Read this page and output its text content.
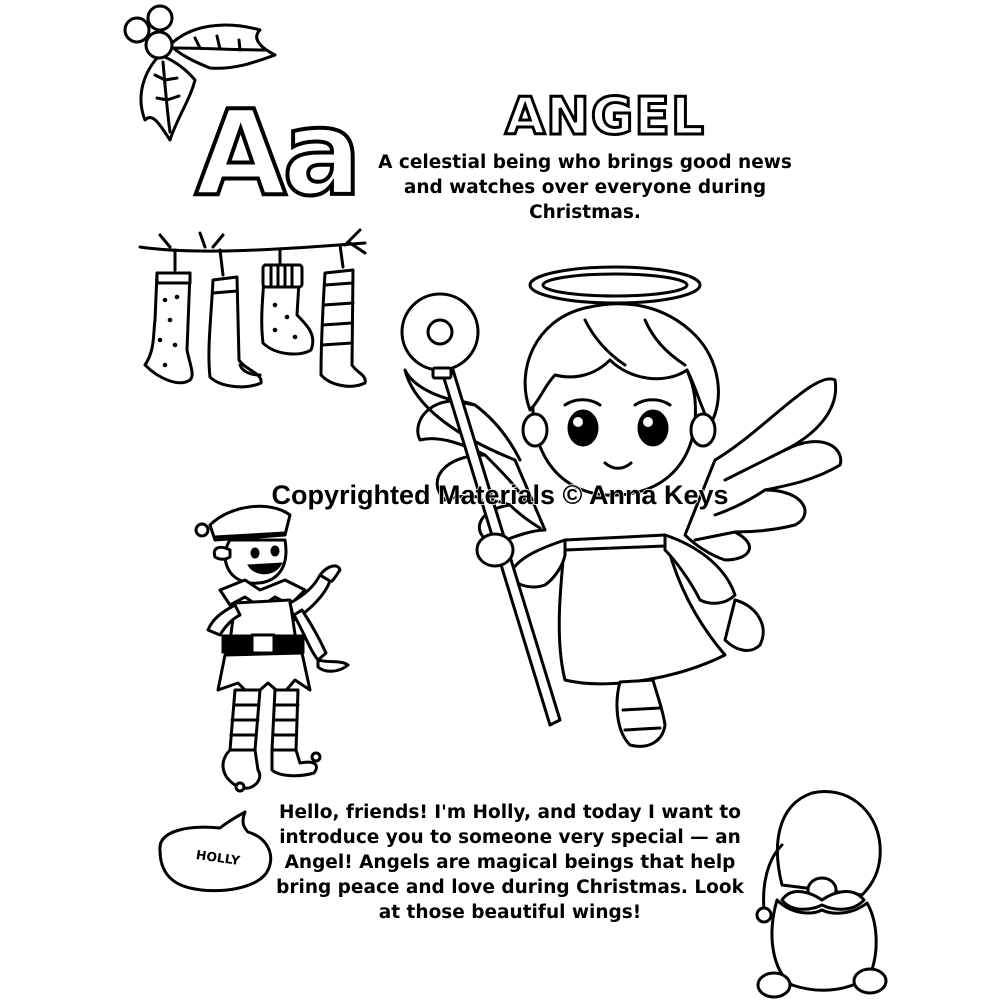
Aa	ANGEL
A celestial being who brings good news and watches over everyone during Christmas.
Copyrighted Materials © Anna Keys
HOLLY
Hello, friends! I'm Holly, and today I want to introduce you to someone very special — an Angel! Angels are magical beings that help bring peace and love during Christmas. Look at those beautiful wings!
